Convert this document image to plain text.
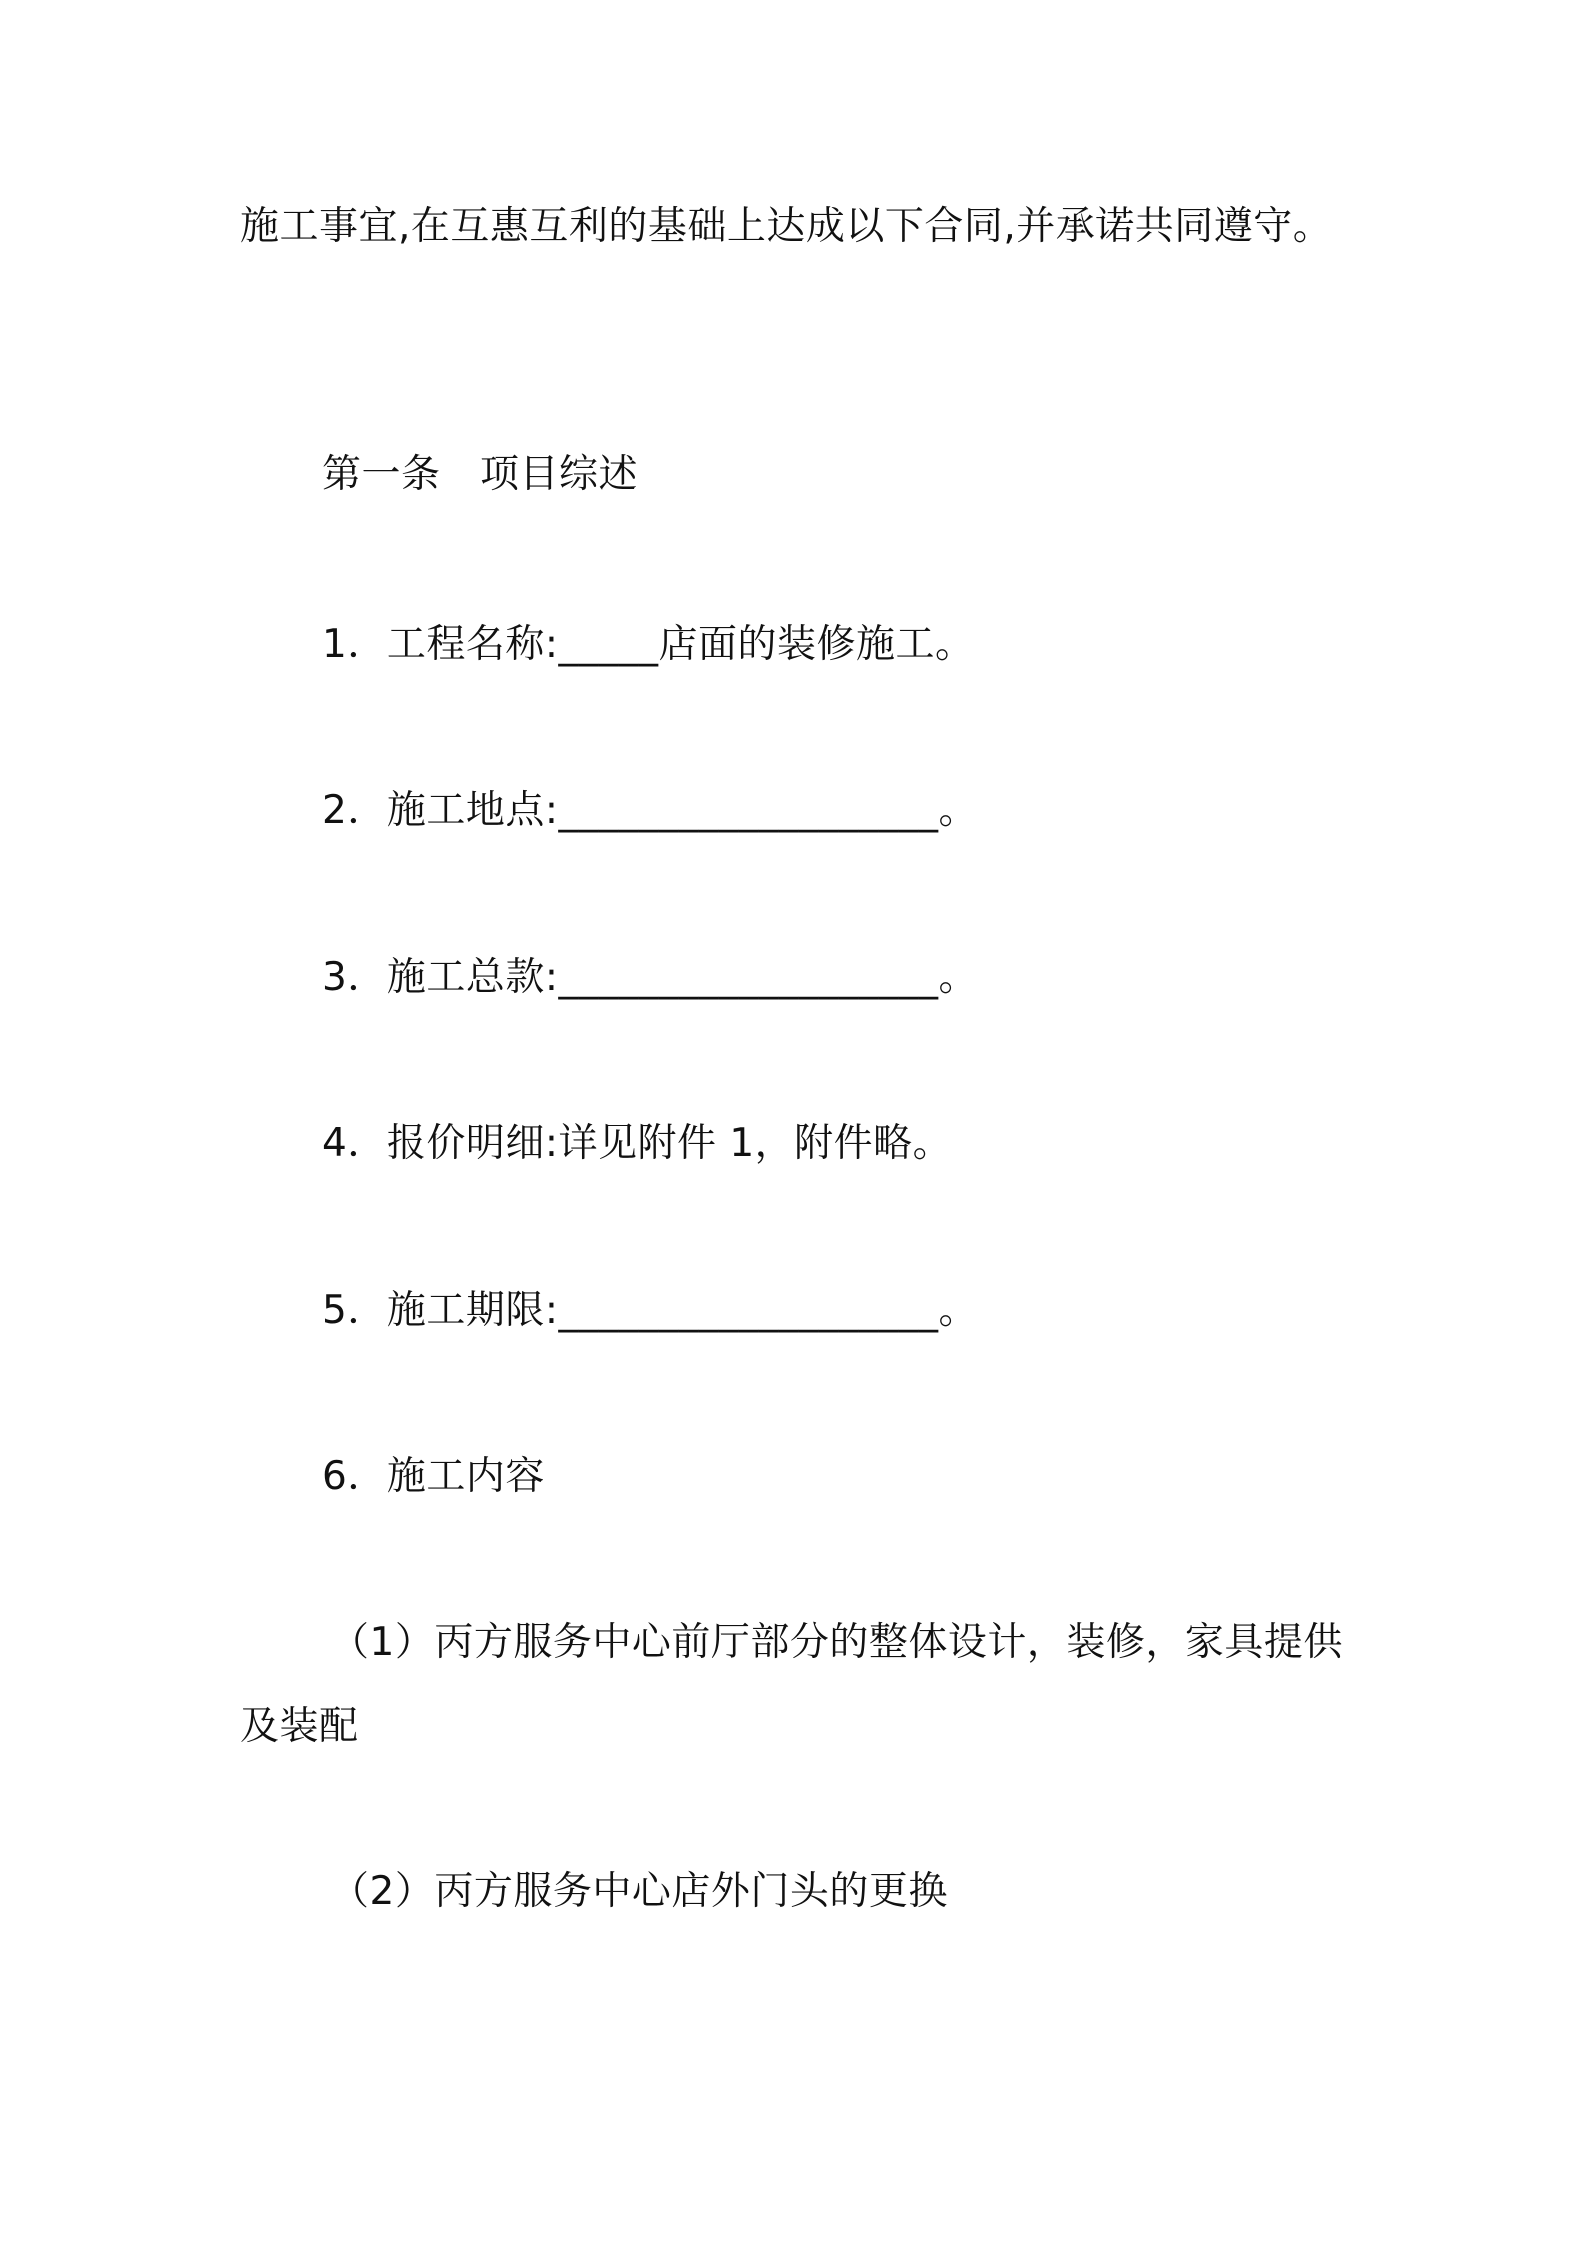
施工事宜,在互惠互利的基础上达成以下合同,并承诺共同遵守。
第一条　项目综述
1．工程名称:_____店面的装修施工。
2．施工地点:___________________。
3．施工总款:___________________。
4．报价明细:详见附件 1，附件略。
5．施工期限:___________________。
6．施工内容
（1）丙方服务中心前厅部分的整体设计，装修，家具提供
及装配
（2）丙方服务中心店外门头的更换
